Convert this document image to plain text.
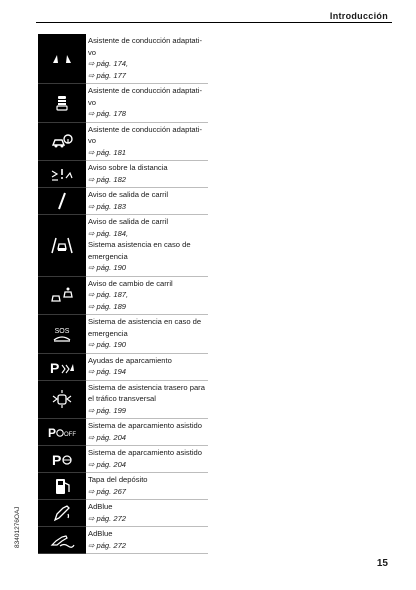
Introducción
Asistente de conducción adaptati-
vo
⇨ pág. 174,
⇨ pág. 177
Asistente de conducción adaptati-
vo
⇨ pág. 178
Asistente de conducción adaptati-
vo
⇨ pág. 181
Aviso sobre la distancia
⇨ pág. 182
Aviso de salida de carril
⇨ pág. 183
Aviso de salida de carril
⇨ pág. 184,
Sistema asistencia en caso de
emergencia
⇨ pág. 190
Aviso de cambio de carril
⇨ pág. 187,
⇨ pág. 189
SOS
Sistema de asistencia en caso de
emergencia
⇨ pág. 190
P	Ayudas de aparcamiento
⇨ pág. 194
Sistema de asistencia trasero para
el tráfico transversal
⇨ pág. 199
P OFF
Sistema de aparcamiento asistido
⇨ pág. 204
P	Sistema de aparcamiento asistido
⇨ pág. 204
Tapa del depósito
⇨ pág. 267
AdBlue
⇨ pág. 272
AdBlue
⇨ pág. 272
83401276OAJ
15
